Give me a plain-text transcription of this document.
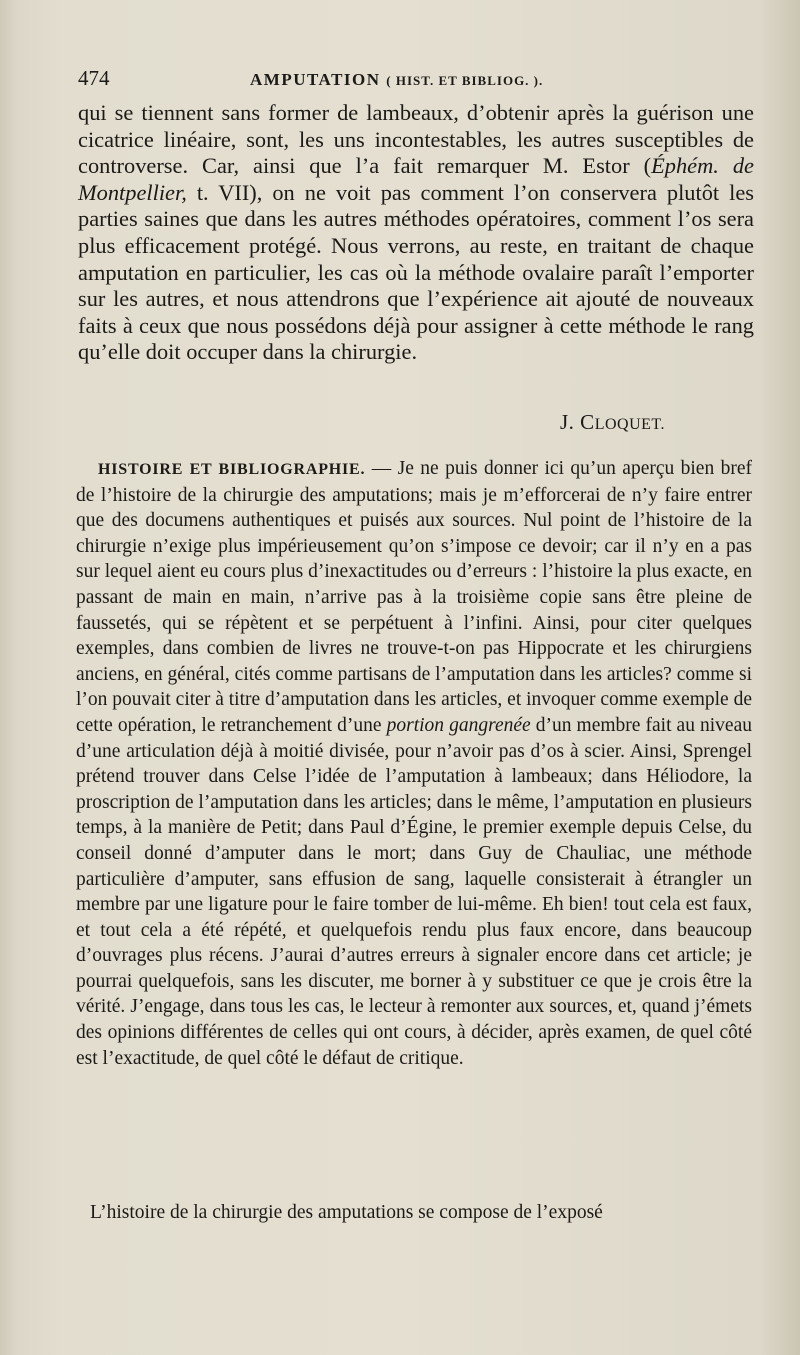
474	AMPUTATION ( HIST. ET BIBLIOG. ).

qui se tiennent sans former de lambeaux, d’obtenir après la guérison une cicatrice linéaire, sont, les uns incontestables, les autres susceptibles de controverse. Car, ainsi que l’a fait remarquer M. Estor (Éphém. de Montpellier, t. VII), on ne voit pas comment l’on conservera plutôt les parties saines que dans les autres méthodes opératoires, comment l’os sera plus efficacement protégé. Nous verrons, au reste, en traitant de chaque amputation en particulier, les cas où la méthode ovalaire paraît l’emporter sur les autres, et nous attendrons que l’expérience ait ajouté de nouveaux faits à ceux que nous possédons déjà pour assigner à cette méthode le rang qu’elle doit occuper dans la chirurgie.

J. CLOQUET.

HISTOIRE ET BIBLIOGRAPHIE. — Je ne puis donner ici qu’un aperçu bien bref de l’histoire de la chirurgie des amputations; mais je m’efforcerai de n’y faire entrer que des documens authentiques et puisés aux sources. Nul point de l’histoire de la chirurgie n’exige plus impérieusement qu’on s’impose ce devoir; car il n’y en a pas sur lequel aient eu cours plus d’inexactitudes ou d’erreurs : l’histoire la plus exacte, en passant de main en main, n’arrive pas à la troisième copie sans être pleine de faussetés, qui se répètent et se perpétuent à l’infini. Ainsi, pour citer quelques exemples, dans combien de livres ne trouve-t-on pas Hippocrate et les chirurgiens anciens, en général, cités comme partisans de l’amputation dans les articles? comme si l’on pouvait citer à titre d’amputation dans les articles, et invoquer comme exemple de cette opération, le retranchement d’une portion gangrenée d’un membre fait au niveau d’une articulation déjà à moitié divisée, pour n’avoir pas d’os à scier. Ainsi, Sprengel prétend trouver dans Celse l’idée de l’amputation à lambeaux; dans Héliodore, la proscription de l’amputation dans les articles; dans le même, l’amputation en plusieurs temps, à la manière de Petit; dans Paul d’Égine, le premier exemple depuis Celse, du conseil donné d’amputer dans le mort; dans Guy de Chauliac, une méthode particulière d’amputer, sans effusion de sang, laquelle consisterait à étrangler un membre par une ligature pour le faire tomber de lui-même. Eh bien! tout cela est faux, et tout cela a été répété, et quelquefois rendu plus faux encore, dans beaucoup d’ouvrages plus récens. J’aurai d’autres erreurs à signaler encore dans cet article; je pourrai quelquefois, sans les discuter, me borner à y substituer ce que je crois être la vérité. J’engage, dans tous les cas, le lecteur à remonter aux sources, et, quand j’émets des opinions différentes de celles qui ont cours, à décider, après examen, de quel côté est l’exactitude, de quel côté le défaut de critique.

L’histoire de la chirurgie des amputations se compose de l’exposé
